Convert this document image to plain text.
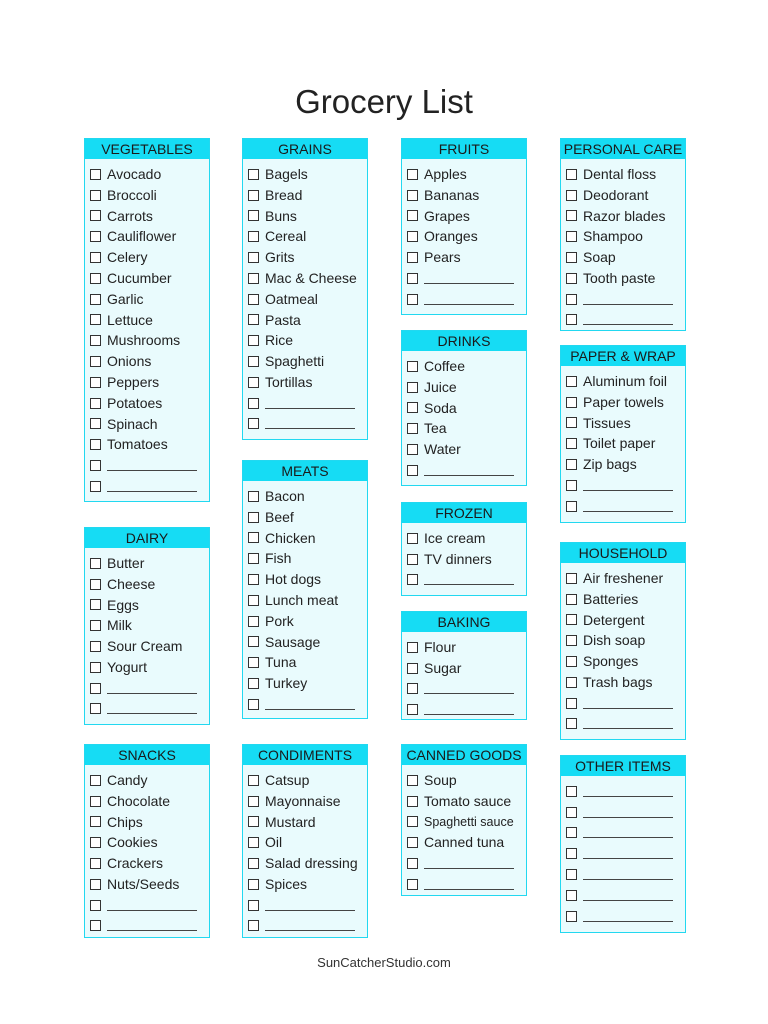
Grocery List
VEGETABLES
Avocado
Broccoli
Carrots
Cauliflower
Celery
Cucumber
Garlic
Lettuce
Mushrooms
Onions
Peppers
Potatoes
Spinach
Tomatoes
DAIRY
Butter
Cheese
Eggs
Milk
Sour Cream
Yogurt
SNACKS
Candy
Chocolate
Chips
Cookies
Crackers
Nuts/Seeds
GRAINS
Bagels
Bread
Buns
Cereal
Grits
Mac & Cheese
Oatmeal
Pasta
Rice
Spaghetti
Tortillas
MEATS
Bacon
Beef
Chicken
Fish
Hot dogs
Lunch meat
Pork
Sausage
Tuna
Turkey
CONDIMENTS
Catsup
Mayonnaise
Mustard
Oil
Salad dressing
Spices
FRUITS
Apples
Bananas
Grapes
Oranges
Pears
DRINKS
Coffee
Juice
Soda
Tea
Water
FROZEN
Ice cream
TV dinners
BAKING
Flour
Sugar
CANNED GOODS
Soup
Tomato sauce
Spaghetti sauce
Canned tuna
PERSONAL CARE
Dental floss
Deodorant
Razor blades
Shampoo
Soap
Tooth paste
PAPER & WRAP
Aluminum foil
Paper towels
Tissues
Toilet paper
Zip bags
HOUSEHOLD
Air freshener
Batteries
Detergent
Dish soap
Sponges
Trash bags
OTHER ITEMS
SunCatcherStudio.com
